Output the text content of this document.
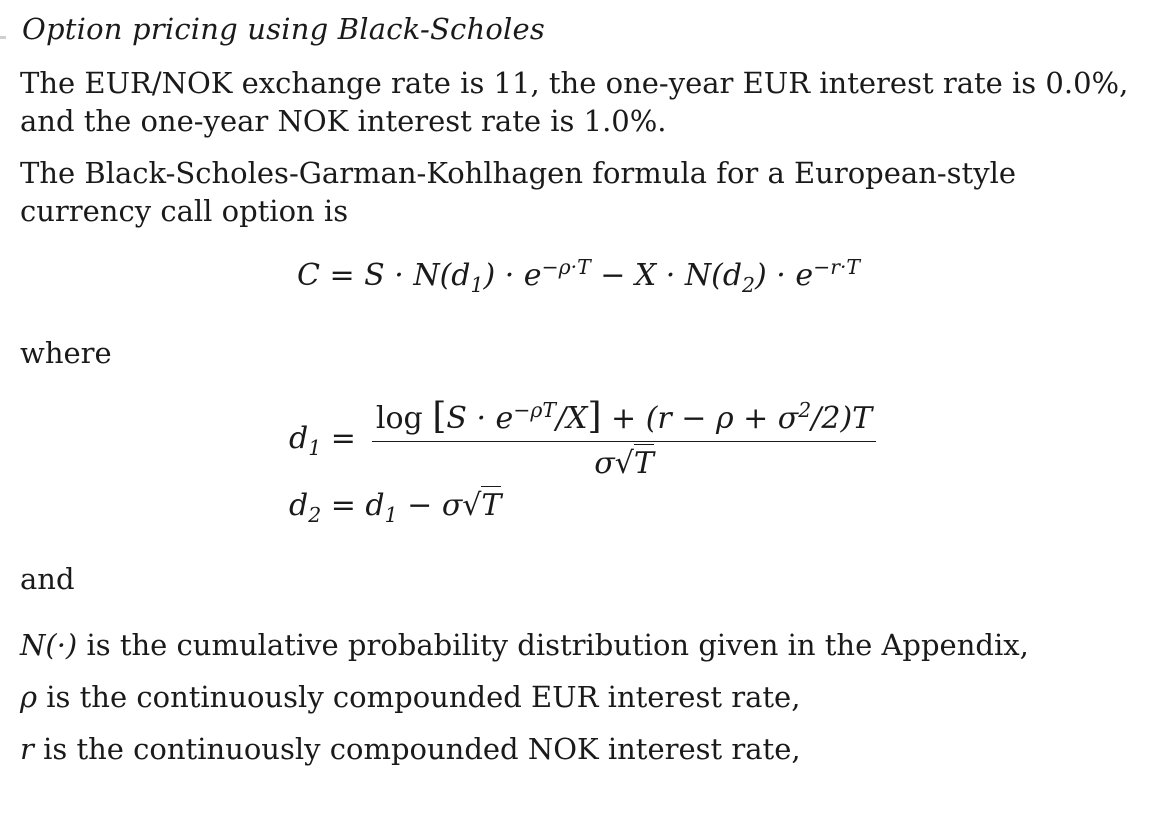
Option pricing using Black-Scholes
The EUR/NOK exchange rate is 11, the one-year EUR interest rate is 0.0%, and the one-year NOK interest rate is 1.0%.
The Black-Scholes-Garman-Kohlhagen formula for a European-style currency call option is
$C = S \cdot N(d_1) \cdot e^{-\rho\cdot T} - X \cdot N(d_2) \cdot e^{-r\cdot T}$
where
$d_1 = \frac{\log [S \cdot e^{-\rho T}/X] + (r - \rho + \sigma^2/2)T}{\sigma√T}$
$d_2 = d_1 - \sigma√T$
and
N(·) is the cumulative probability distribution given in the Appendix,
ρ is the continuously compounded EUR interest rate,
r is the continuously compounded NOK interest rate,
